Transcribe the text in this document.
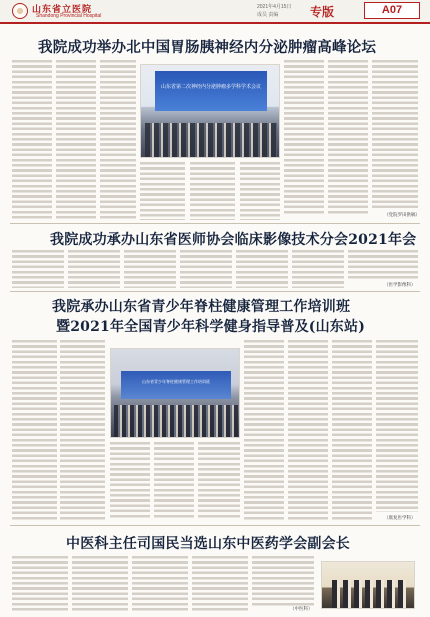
山东省立医院
Shandong Provincial Hospital
2021年4月15日
成员 责编	专版	A07
我院成功举办北中国胃肠胰神经内分泌肿瘤高峰论坛
（党院罗田供稿）
山东省第二次神经内分泌肿瘤多学科学术会议
我院成功承办山东省医师协会临床影像技术分会2021年会
（医学影像科）
我院承办山东省青少年脊柱健康管理工作培训班
暨2021年全国青少年科学健身指导普及(山东站)
（康复医学科）
山东省青少年脊柱健康管理工作培训班
中医科主任司国民当选山东中医药学会副会长
（中医科）
